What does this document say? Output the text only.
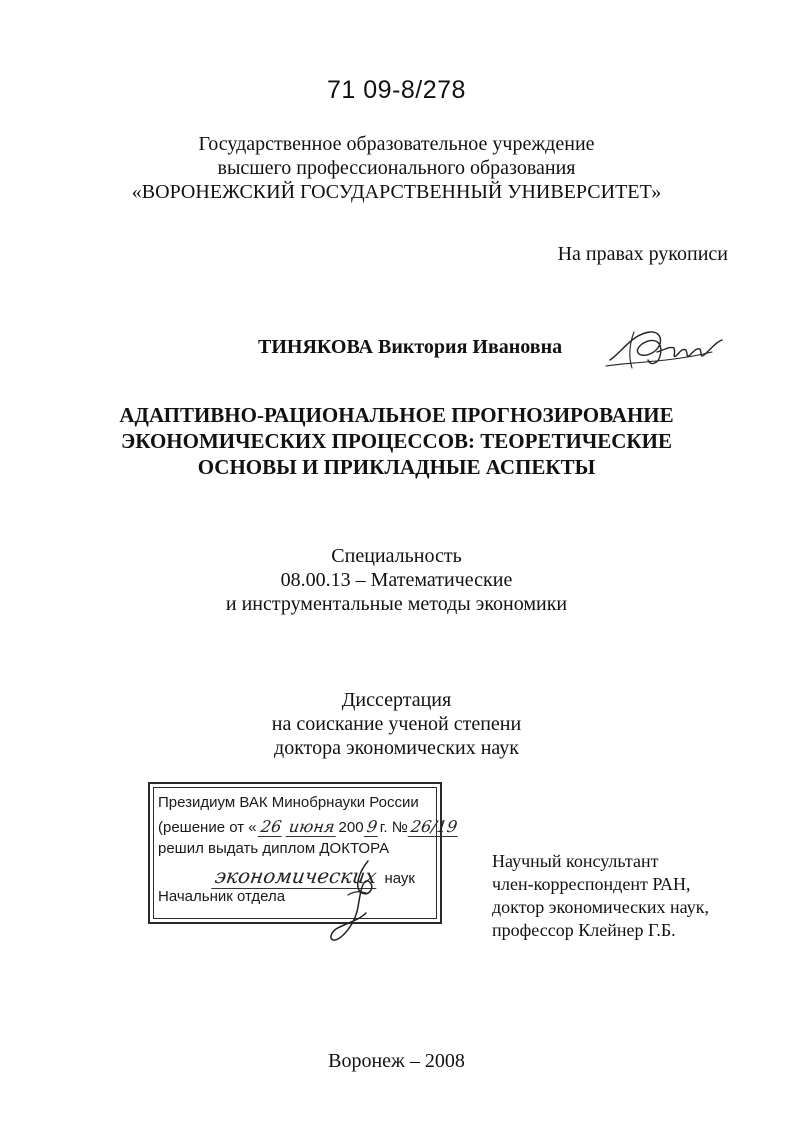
71 09-8/278
Государственное образовательное учреждение
высшего профессионального образования
«ВОРОНЕЖСКИЙ ГОСУДАРСТВЕННЫЙ УНИВЕРСИТЕТ»
На правах рукописи
ТИНЯКОВА Виктория Ивановна
АДАПТИВНО-РАЦИОНАЛЬНОЕ ПРОГНОЗИРОВАНИЕ
ЭКОНОМИЧЕСКИХ ПРОЦЕССОВ: ТЕОРЕТИЧЕСКИЕ
ОСНОВЫ И ПРИКЛАДНЫЕ АСПЕКТЫ
Специальность
08.00.13 – Математические
и инструментальные методы экономики
Диссертация
на соискание ученой степени
доктора экономических наук
Президиум ВАК Минобрнауки России
(решение от « 26 июня 200 9 г. № 26/19
решил выдать диплом ДОКТОРА
экономических наук
Начальник отдела
Научный консультант
член-корреспондент РАН,
доктор экономических наук,
профессор Клейнер Г.Б.
Воронеж – 2008
